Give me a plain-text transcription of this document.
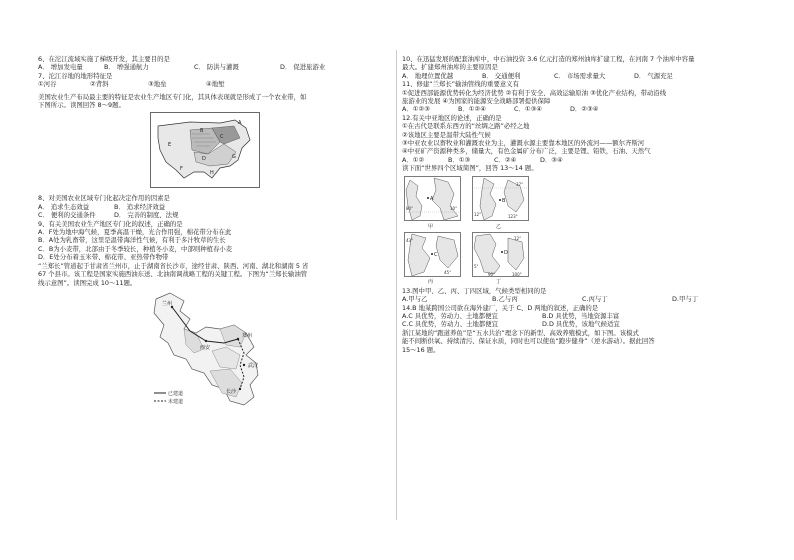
6、在沱江流域实施了梯级开发，其主要目的是
A． 增加发电量	B． 增强通航力	C． 防洪与灌溉	D． 促进旅游业
7、沱江谷地的地形特征是
①河谷	②背斜	③地垒	④地堑
美国农业生产布局最主要的特征是农业生产地区专门化，其具体表现就是形成了一个农业带，如
下图所示。读图回答 8～9题。
E
A
B
C
D	G
H
F
8、对美国农业区域专门化起决定作用的因素是
A． 追求生态效益	B． 追求经济效益
C． 便利的交通条件	D． 完善的制度、法规
9、有关美国农业生产地区专门化的叙述，正确的是
A．F处为地中海气候，夏季高温干燥，光合作用强，棉花带分布在此
B．A处为乳畜带，这里是温带海洋性气候，有利于多汁牧草的生长
C．B为小麦带，北部由于冬季较长，种植冬小麦，中部则种植春小麦
D．E处分布着玉米带、棉花带、亚热带作物带
“兰郑长”管道起于甘肃省兰州市，止于湖南省长沙市，途经甘肃、陕西、河南、湖北和湖南 5 省
67 个县市。该工程是国家实施西油东送、北油南调战略工程的关键工程。下图为“兰郑长输油管
线示意图”。读图完成 10～11题。
兰州
郑州
西安
武汉
长沙
已建道
未建道
10、在迅猛发展的配套油库中，中石油投资 3.6 亿元打造的郑州油库扩建工程，在河南 7 个油库中容量
最大。扩建郑州油库的主要原因是
A． 地理位置优越	B． 交通便利	C． 市场需求量大	D． 气源充足
11、修建“兰郑长”输油管线的重要意义有
①促进西部能源优势转化为经济优势 ②有利于安全、高效运输原油 ③优化产业结构，带动沿线
旅游业的发展 ④为国家的能源安全战略部署提供保障
A．①②③	B．①②④	C．①③④	D．②③④
12.有关中亚地区的论述，正确的是
①在古代是联系东西方的“丝绸之路”必经之地
②该地区主要是温带大陆性气候
③中亚农业以畜牧业和灌溉农业为主，灌溉水源主要靠本地区的外流河——额尔齐斯河
④中亚矿产资源种类多，储量大，有色金属矿分布广泛，主要是锂、铅铁，石油、天然气
A．①②	B．①③	C．②④	D．③④
读下面“世界四个区域简图”，回答 13～14 题。
A
80°	10°
甲
B
37°
12°	123°
乙
C
43°
45°
丙
D
12°
5°
90°	100°
丁
13.图中甲、乙、丙、丁四区域，气候类型相同的是
A.甲与乙	B.乙与丙	C.丙与丁	D.甲与丁
14.B 地某跨国公司欲在海外建厂，关于 C、D 两地的叙述，正确的是
A.C 具优势，劳动力、土地都便宜	B.D 具优势，当地资源丰富
C.C 具优势，劳动力、土地都便宜	D.D 具优势，该地气候适宜
浙江某地的“跑道养鱼”是“五水共治”理念下的新型、高效养殖模式，如下图。该模式
能不间断供氧、持续清污、保证水质，同时也可以使鱼“跑步健身”（逆水游动）。据此回答
15～16 题。
